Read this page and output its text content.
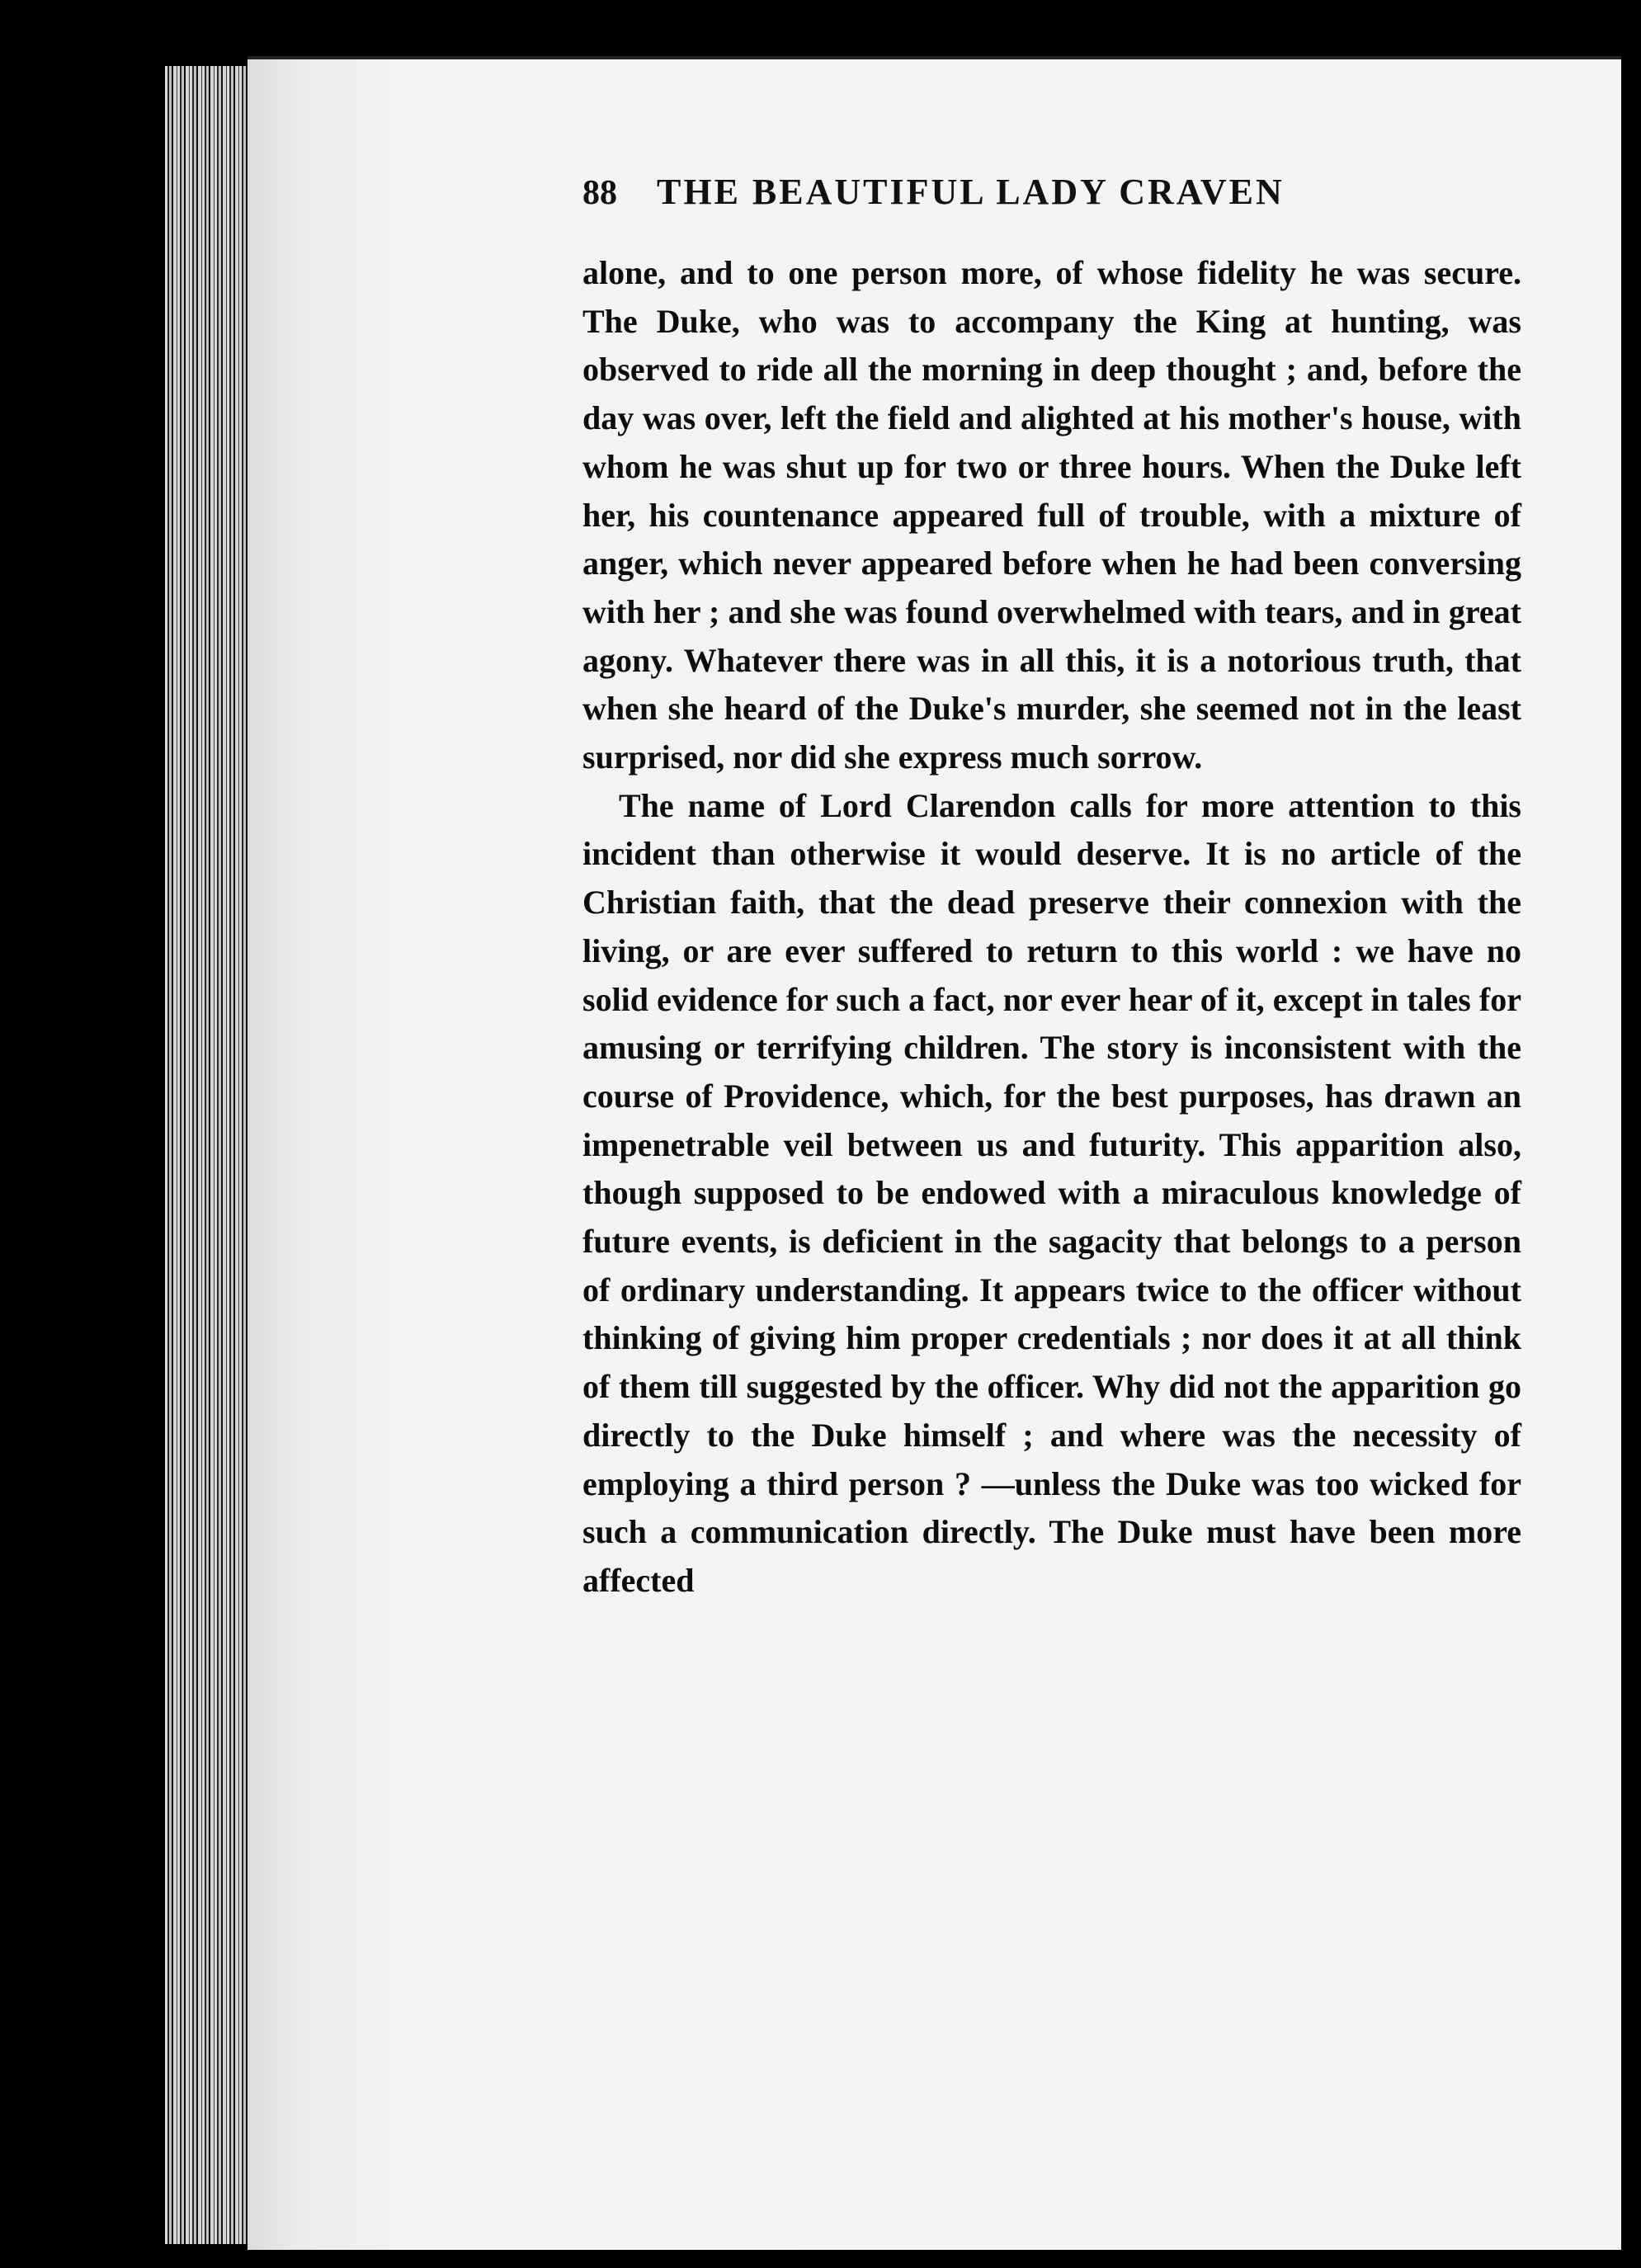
88 THE BEAUTIFUL LADY CRAVEN

alone, and to one person more, of whose fidelity he was secure. The Duke, who was to accompany the King at hunting, was observed to ride all the morning in deep thought ; and, before the day was over, left the field and alighted at his mother's house, with whom he was shut up for two or three hours. When the Duke left her, his countenance appeared full of trouble, with a mixture of anger, which never appeared before when he had been conversing with her ; and she was found overwhelmed with tears, and in great agony. Whatever there was in all this, it is a notorious truth, that when she heard of the Duke's murder, she seemed not in the least surprised, nor did she express much sorrow.

The name of Lord Clarendon calls for more attention to this incident than otherwise it would deserve. It is no article of the Christian faith, that the dead preserve their connexion with the living, or are ever suffered to return to this world : we have no solid evidence for such a fact, nor ever hear of it, except in tales for amusing or terrifying children. The story is inconsistent with the course of Providence, which, for the best purposes, has drawn an impenetrable veil between us and futurity. This apparition also, though supposed to be endowed with a miraculous knowledge of future events, is deficient in the sagacity that belongs to a person of ordinary understanding. It appears twice to the officer without thinking of giving him proper credentials ; nor does it at all think of them till suggested by the officer. Why did not the apparition go directly to the Duke himself ; and where was the necessity of employing a third person ? —unless the Duke was too wicked for such a communication directly. The Duke must have been more affected
